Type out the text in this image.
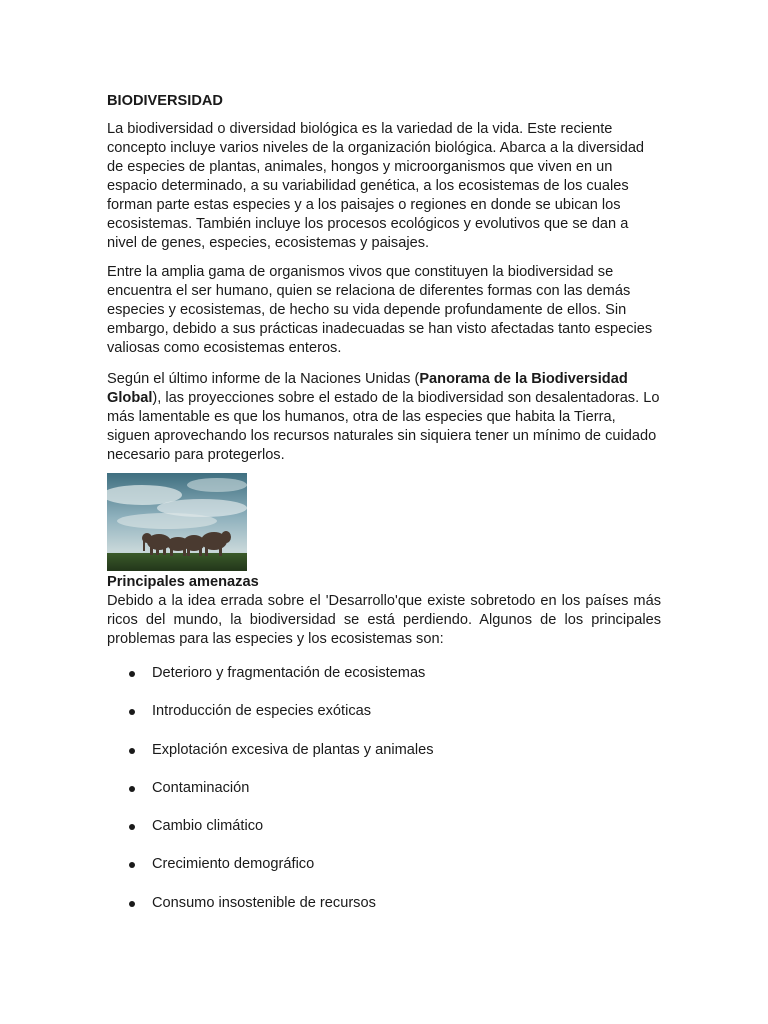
BIODIVERSIDAD

La biodiversidad o diversidad biológica es la variedad de la vida. Este reciente concepto incluye varios niveles de la organización biológica. Abarca a la diversidad de especies de plantas, animales, hongos y microorganismos que viven en un espacio determinado, a su variabilidad genética, a los ecosistemas de los cuales forman parte estas especies y a los paisajes o regiones en donde se ubican los ecosistemas. También incluye los procesos ecológicos y evolutivos que se dan a nivel de genes, especies, ecosistemas y paisajes.

Entre la amplia gama de organismos vivos que constituyen la biodiversidad se encuentra el ser humano, quien se relaciona de diferentes formas con las demás especies y ecosistemas, de hecho su vida depende profundamente de ellos. Sin embargo, debido a sus prácticas inadecuadas se han visto afectadas tanto especies valiosas como ecosistemas enteros.

Según el último informe de la Naciones Unidas (Panorama de la Biodiversidad Global), las proyecciones sobre el estado de la biodiversidad son desalentadoras. Lo más lamentable es que los humanos, otra de las especies que habita la Tierra, siguen aprovechando los recursos naturales sin siquiera tener un mínimo de cuidado necesario para protegerlos.

Principales amenazas

Debido a la idea errada sobre el 'Desarrollo'que existe sobretodo en los países más ricos del mundo, la biodiversidad se está perdiendo. Algunos de los principales problemas para las especies y los ecosistemas son:

Deterioro y fragmentación de ecosistemas
Introducción de especies exóticas
Explotación excesiva de plantas y animales
Contaminación
Cambio climático
Crecimiento demográfico
Consumo insostenible de recursos
